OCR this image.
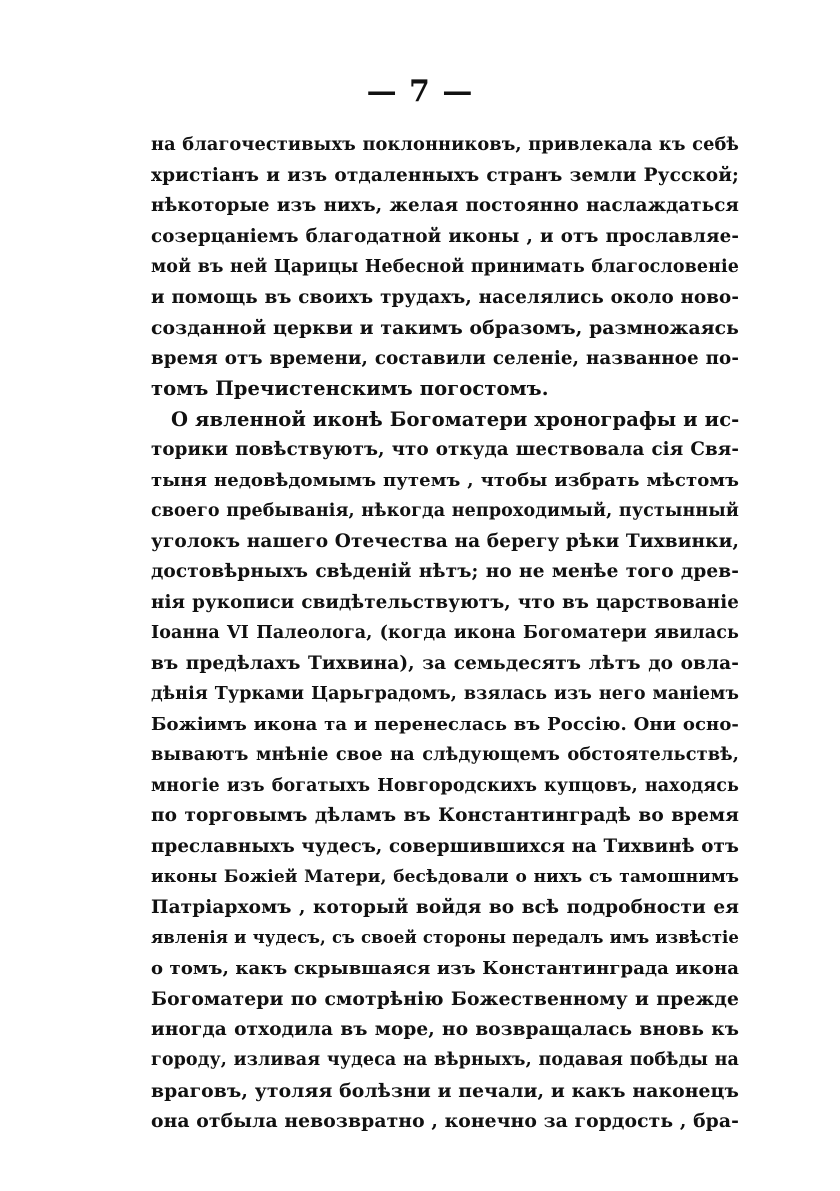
— 7 —
на благочестивыхъ поклонниковъ, привлекала къ себѣ
христіанъ и изъ отдаленныхъ странъ земли Русской;
нѣкоторые изъ нихъ, желая постоянно наслаждаться
созерцаніемъ благодатной иконы , и отъ прославляе-
мой въ ней Царицы Небесной принимать благословеніе
и помощь въ своихъ трудахъ, населялись около ново-
созданной церкви и такимъ образомъ, размножаясь
время отъ времени, составили селеніе, названное по-
томъ Пречистенскимъ погостомъ.
О явленной иконѣ Богоматери хронографы и ис-
торики повѣствуютъ, что откуда шествовала сія Свя-
тыня недовѣдомымъ путемъ , чтобы избрать мѣстомъ
своего пребыванія, нѣкогда непроходимый, пустынный
уголокъ нашего Отечества на берегу рѣки Тихвинки,
достовѣрныхъ свѣденій нѣтъ; но не менѣе того древ-
нія рукописи свидѣтельствуютъ, что въ царствованіе
Іоанна VI Палеолога, (когда икона Богоматери явилась
въ предѣлахъ Тихвина), за семьдесятъ лѣтъ до овла-
дѣнія Турками Царьградомъ, взялась изъ него маніемъ
Божіимъ икона та и перенеслась въ Россію. Они осно-
вываютъ мнѣніе свое на слѣдующемъ обстоятельствѣ,
многіе изъ богатыхъ Новгородскихъ купцовъ, находясь
по торговымъ дѣламъ въ Константинградѣ во время
преславныхъ чудесъ, совершившихся на Тихвинѣ отъ
иконы Божіей Матери, бесѣдовали о нихъ съ тамошнимъ
Патріархомъ , который войдя во всѣ подробности ея
явленія и чудесъ, съ своей стороны передалъ имъ извѣстіе
о томъ, какъ скрывшаяся изъ Константинграда икона
Богоматери по смотрѣнію Божественному и прежде
иногда отходила въ море, но возвращалась вновь къ
городу, изливая чудеса на вѣрныхъ, подавая побѣды на
враговъ, утоляя болѣзни и печали, и какъ наконецъ
она отбыла невозвратно , конечно за гордость , бра-
